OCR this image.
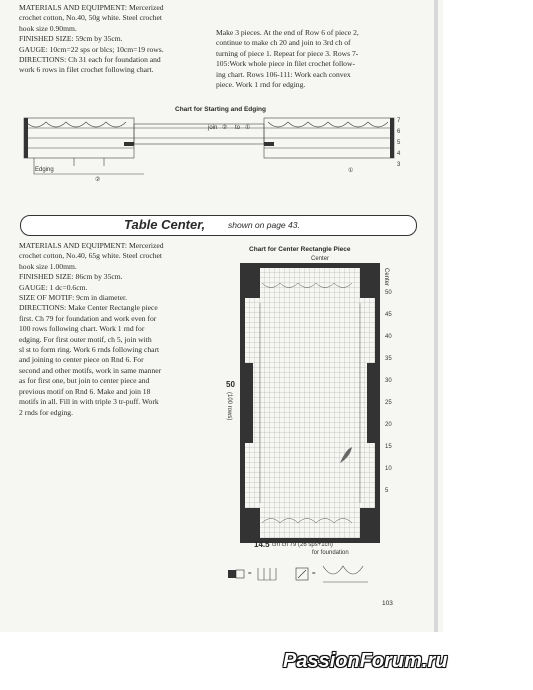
MATERIALS AND EQUIPMENT: Mercerized
crochet cotton, No.40, 50g white. Steel crochet
hook size 0.90mm.
FINISHED SIZE: 59cm by 35cm.
GAUGE: 10cm=22 sps or blcs; 10cm=19 rows.
DIRECTIONS: Ch 31 each for foundation and
work 6 rows in filet crochet following chart.
Make 3 pieces. At the end of Row 6 of piece 2,
continue to make ch 20 and join to 3rd ch of
turning of piece 1. Repeat for piece 3. Rows 7-
105:Work whole piece in filet crochet follow-
ing chart. Rows 106-111: Work each convex
piece. Work 1 rnd for edging.
Chart for Starting and Edging
join ② to ①
Edging
②
①
7
6
5
4
3
Table Center,	shown on page 43.
MATERIALS AND EQUIPMENT: Mercerized
crochet cotton, No.40, 65g white. Steel crochet
hook size 1.00mm.
FINISHED SIZE: 86cm by 35cm.
GAUGE: 1 dc=0.6cm.
SIZE OF MOTIF: 9cm in diameter.
DIRECTIONS: Make Center Rectangle piece
first. Ch 79 for foundation and work even for
100 rows following chart. Work 1 rnd for
edging. For first outer motif, ch 5, join with
sl st to form ring. Work 6 rnds following chart
and joining to center piece on Rnd 6. For
second and other motifs, work in same manner
as for first one, but join to center piece and
previous motif on Rnd 6. Make and join 18
motifs in all. Fill in with triple 3 tr-puff. Work
2 rnds for edging.
Chart for Center Rectangle Piece
Center
Center
50
45
40
35
30
25
20
15
10
5
50
(100 rows)
14.5 cm ch 79 (26 sps+1ch)
for foundation
=	=
103
PassionForum.ru
